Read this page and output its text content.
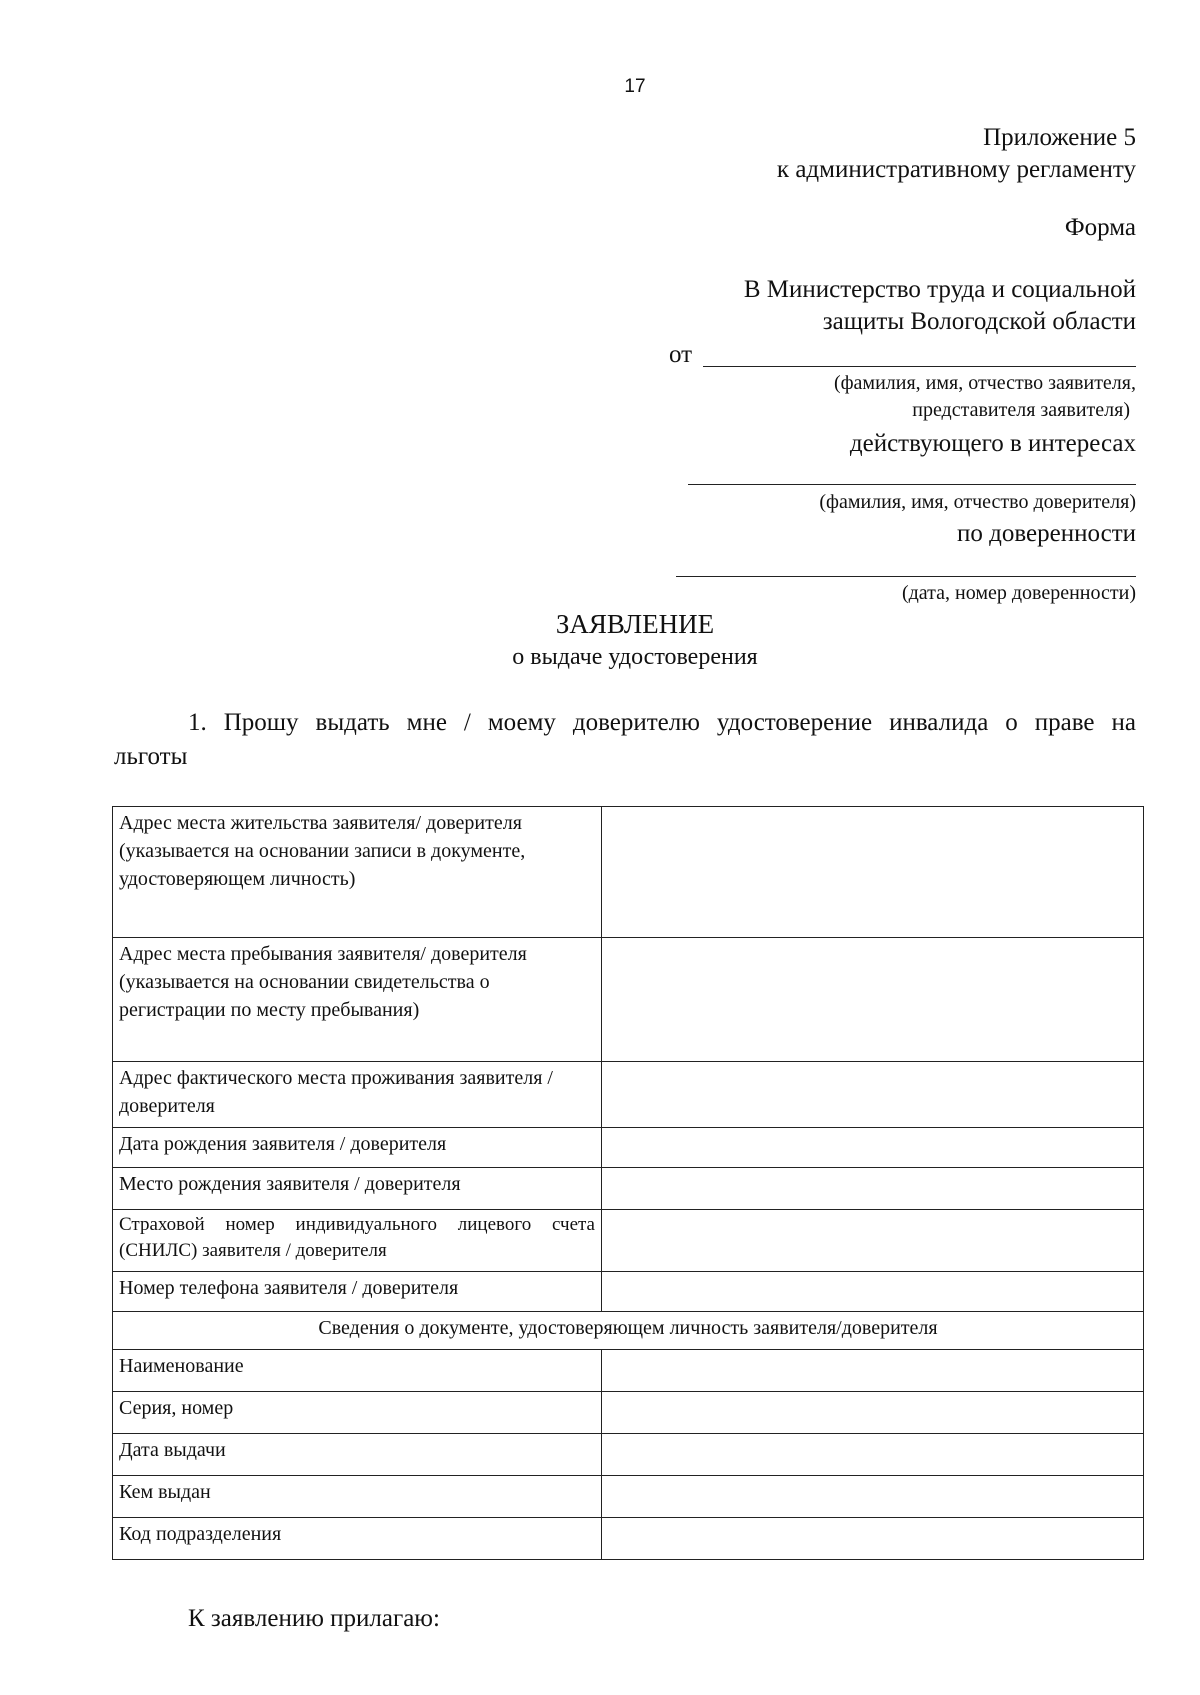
17
Приложение 5
к административному регламенту
Форма
В Министерство труда и социальной
защиты Вологодской области
от
(фамилия, имя, отчество заявителя,
представителя заявителя)
действующего в интересах
(фамилия, имя, отчество доверителя)
по доверенности
(дата, номер доверенности)
ЗАЯВЛЕНИЕ
о выдаче удостоверения
1. Прошу выдать мне / моему доверителю удостоверение инвалида о праве на
льготы
Адрес места жительства заявителя/ доверителя (указывается на основании записи в документе, удостоверяющем личность)	
Адрес места пребывания заявителя/ доверителя (указывается на основании свидетельства о регистрации по месту пребывания)	
Адрес фактического места проживания заявителя / доверителя	
Дата рождения заявителя / доверителя	
Место рождения заявителя / доверителя	

Страховой номер индивидуального лицевого счета (СНИЛС) заявителя / доверителя	

Номер телефона заявителя / доверителя	
Сведения о документе, удостоверяющем личность заявителя/доверителя	
Наименование	
Серия, номер	
Дата выдачи	
Кем выдан	
Код подразделения	
К заявлению прилагаю:
